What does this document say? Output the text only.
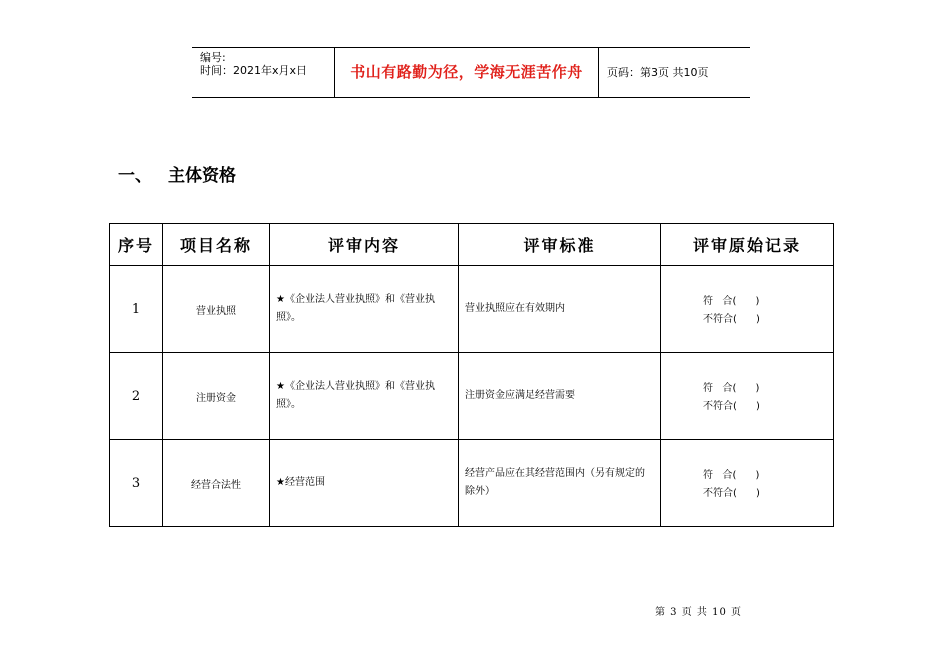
编号:
时间：2021年x月x日	书山有路勤为径，学海无涯苦作舟	页码：第3页 共10页
一、 主体资格
序号	项目名称	评审内容	评审标准	评审原始记录
1	营业执照	★《企业法人营业执照》和《营业执照》。	营业执照应在有效期内	符   合(      )
不符合(      )

2	注册资金	★《企业法人营业执照》和《营业执照》。	注册资金应满足经营需要	符   合(      )
不符合(      )

3	经营合法性	★经营范围	经营产品应在其经营范围内（另有规定的除外）	符   合(      )
不符合(      )
第 3 页 共 10 页
